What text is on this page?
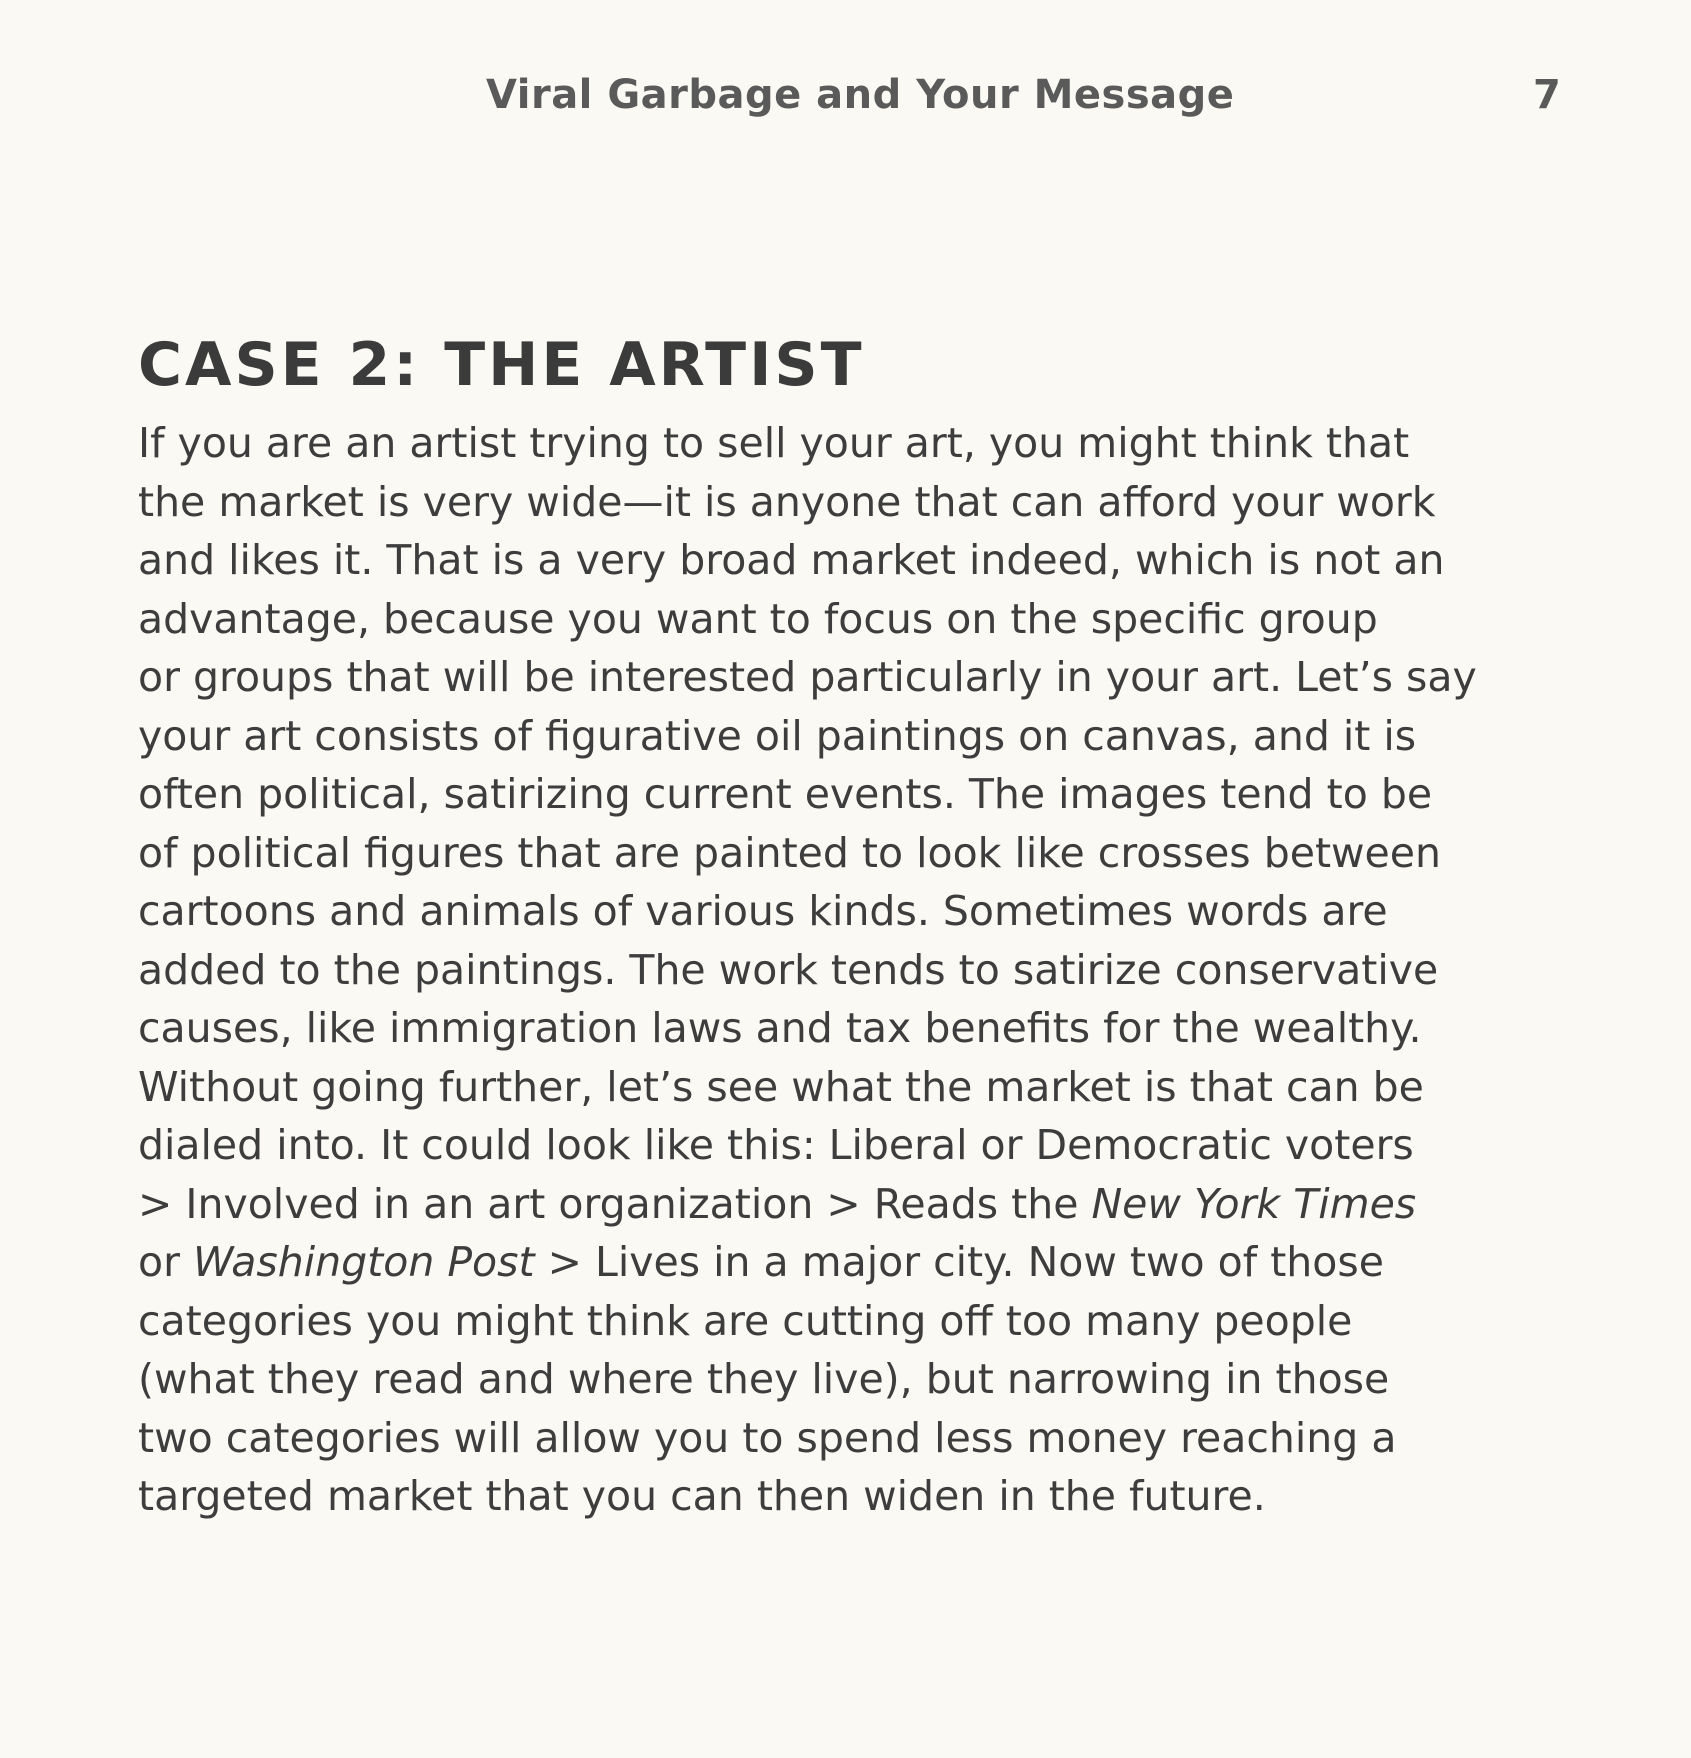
Viral Garbage and Your Message	7
CASE 2: THE ARTIST
If you are an artist trying to sell your art, you might think that
the market is very wide—it is anyone that can afford your work
and likes it. That is a very broad market indeed, which is not an
advantage, because you want to focus on the specific group
or groups that will be interested particularly in your art. Let’s say
your art consists of figurative oil paintings on canvas, and it is
often political, satirizing current events. The images tend to be
of political figures that are painted to look like crosses between
cartoons and animals of various kinds. Sometimes words are
added to the paintings. The work tends to satirize conservative
causes, like immigration laws and tax benefits for the wealthy.
Without going further, let’s see what the market is that can be
dialed into. It could look like this: Liberal or Democratic voters
> Involved in an art organization > Reads the New York Times
or Washington Post > Lives in a major city. Now two of those
categories you might think are cutting off too many people
(what they read and where they live), but narrowing in those
two categories will allow you to spend less money reaching a
targeted market that you can then widen in the future.
